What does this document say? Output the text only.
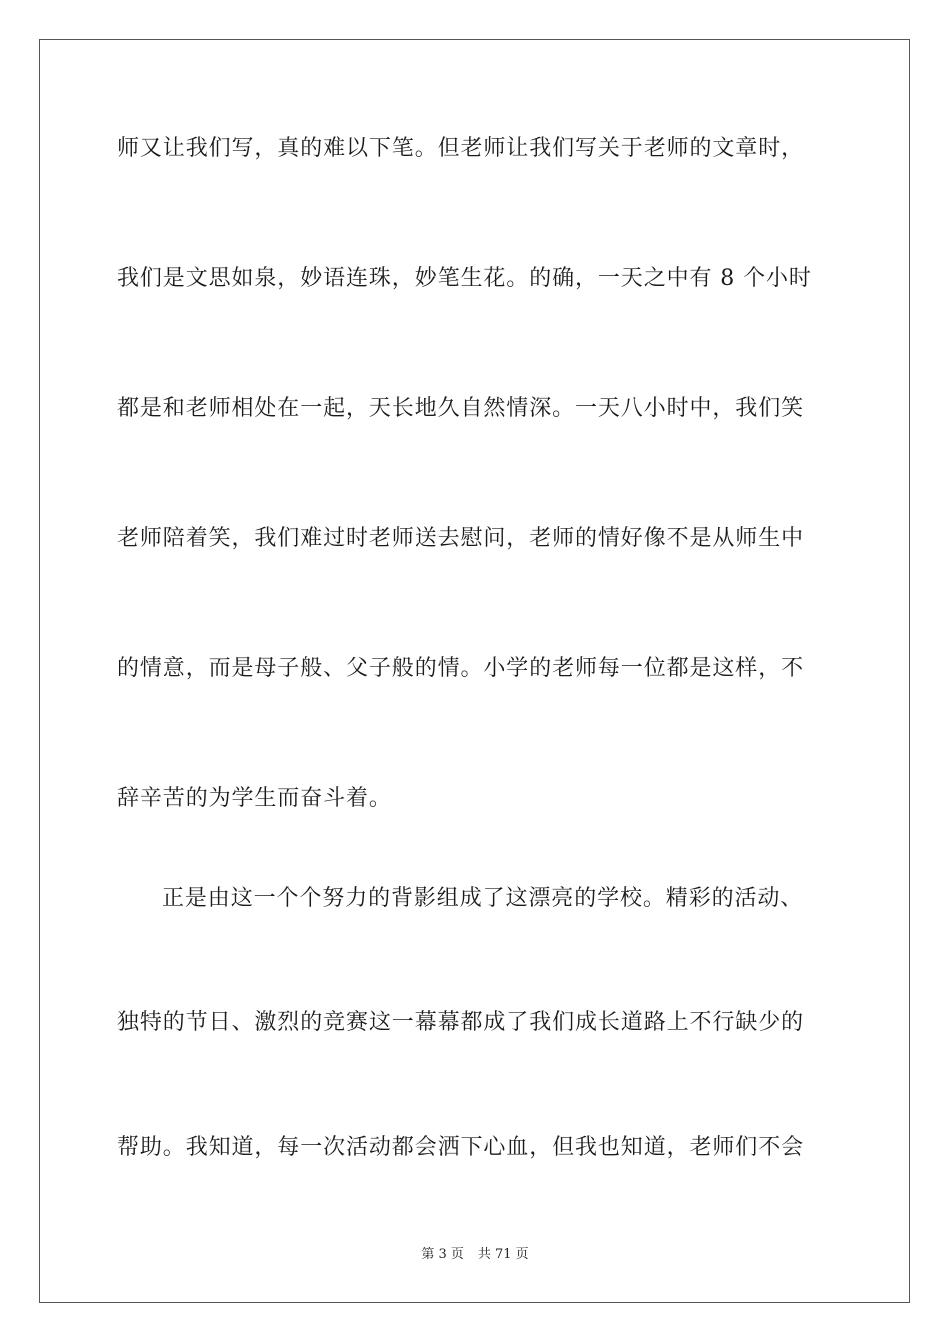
师又让我们写，真的难以下笔。但老师让我们写关于老师的文章时，
我们是文思如泉，妙语连珠，妙笔生花。的确，一天之中有 8 个小时
都是和老师相处在一起，天长地久自然情深。一天八小时中，我们笑
老师陪着笑，我们难过时老师送去慰问，老师的情好像不是从师生中
的情意，而是母子般、父子般的情。小学的老师每一位都是这样，不
辞辛苦的为学生而奋斗着。
正是由这一个个努力的背影组成了这漂亮的学校。精彩的活动、
独特的节日、激烈的竞赛这一幕幕都成了我们成长道路上不行缺少的
帮助。我知道，每一次活动都会洒下心血，但我也知道，老师们不会
第 3 页 共 71 页
